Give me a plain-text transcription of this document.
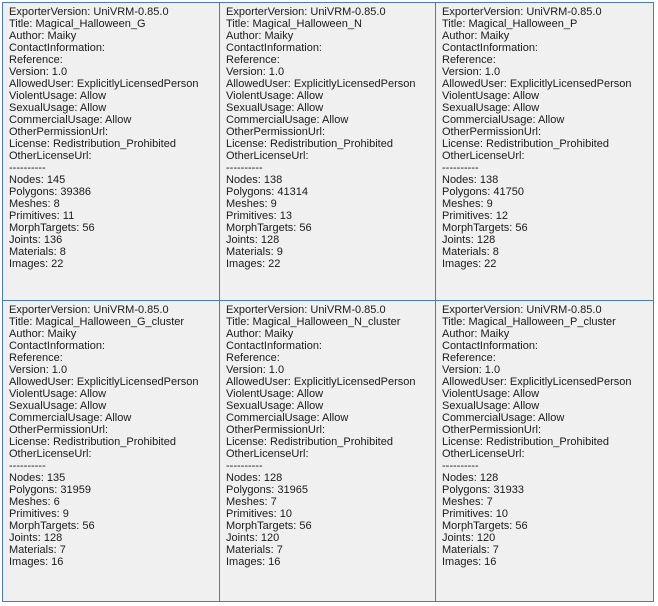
ExporterVersion: UniVRM-0.85.0
Title: Magical_Halloween_G
Author: Maiky
ContactInformation:
Reference:
Version: 1.0
AllowedUser: ExplicitlyLicensedPerson
ViolentUsage: Allow
SexualUsage: Allow
CommercialUsage: Allow
OtherPermissionUrl:
License: Redistribution_Prohibited
OtherLicenseUrl:
----------
Nodes: 145
Polygons: 39386
Meshes: 8
Primitives: 11
MorphTargets: 56
Joints: 136
Materials: 8
Images: 22
ExporterVersion: UniVRM-0.85.0
Title: Magical_Halloween_N
Author: Maiky
ContactInformation:
Reference:
Version: 1.0
AllowedUser: ExplicitlyLicensedPerson
ViolentUsage: Allow
SexualUsage: Allow
CommercialUsage: Allow
OtherPermissionUrl:
License: Redistribution_Prohibited
OtherLicenseUrl:
----------
Nodes: 138
Polygons: 41314
Meshes: 9
Primitives: 13
MorphTargets: 56
Joints: 128
Materials: 9
Images: 22
ExporterVersion: UniVRM-0.85.0
Title: Magical_Halloween_P
Author: Maiky
ContactInformation:
Reference:
Version: 1.0
AllowedUser: ExplicitlyLicensedPerson
ViolentUsage: Allow
SexualUsage: Allow
CommercialUsage: Allow
OtherPermissionUrl:
License: Redistribution_Prohibited
OtherLicenseUrl:
----------
Nodes: 138
Polygons: 41750
Meshes: 9
Primitives: 12
MorphTargets: 56
Joints: 128
Materials: 8
Images: 22
ExporterVersion: UniVRM-0.85.0
Title: Magical_Halloween_G_cluster
Author: Maiky
ContactInformation:
Reference:
Version: 1.0
AllowedUser: ExplicitlyLicensedPerson
ViolentUsage: Allow
SexualUsage: Allow
CommercialUsage: Allow
OtherPermissionUrl:
License: Redistribution_Prohibited
OtherLicenseUrl:
----------
Nodes: 135
Polygons: 31959
Meshes: 6
Primitives: 9
MorphTargets: 56
Joints: 128
Materials: 7
Images: 16
ExporterVersion: UniVRM-0.85.0
Title: Magical_Halloween_N_cluster
Author: Maiky
ContactInformation:
Reference:
Version: 1.0
AllowedUser: ExplicitlyLicensedPerson
ViolentUsage: Allow
SexualUsage: Allow
CommercialUsage: Allow
OtherPermissionUrl:
License: Redistribution_Prohibited
OtherLicenseUrl:
----------
Nodes: 128
Polygons: 31965
Meshes: 7
Primitives: 10
MorphTargets: 56
Joints: 120
Materials: 7
Images: 16
ExporterVersion: UniVRM-0.85.0
Title: Magical_Halloween_P_cluster
Author: Maiky
ContactInformation:
Reference:
Version: 1.0
AllowedUser: ExplicitlyLicensedPerson
ViolentUsage: Allow
SexualUsage: Allow
CommercialUsage: Allow
OtherPermissionUrl:
License: Redistribution_Prohibited
OtherLicenseUrl:
----------
Nodes: 128
Polygons: 31933
Meshes: 7
Primitives: 10
MorphTargets: 56
Joints: 120
Materials: 7
Images: 16
